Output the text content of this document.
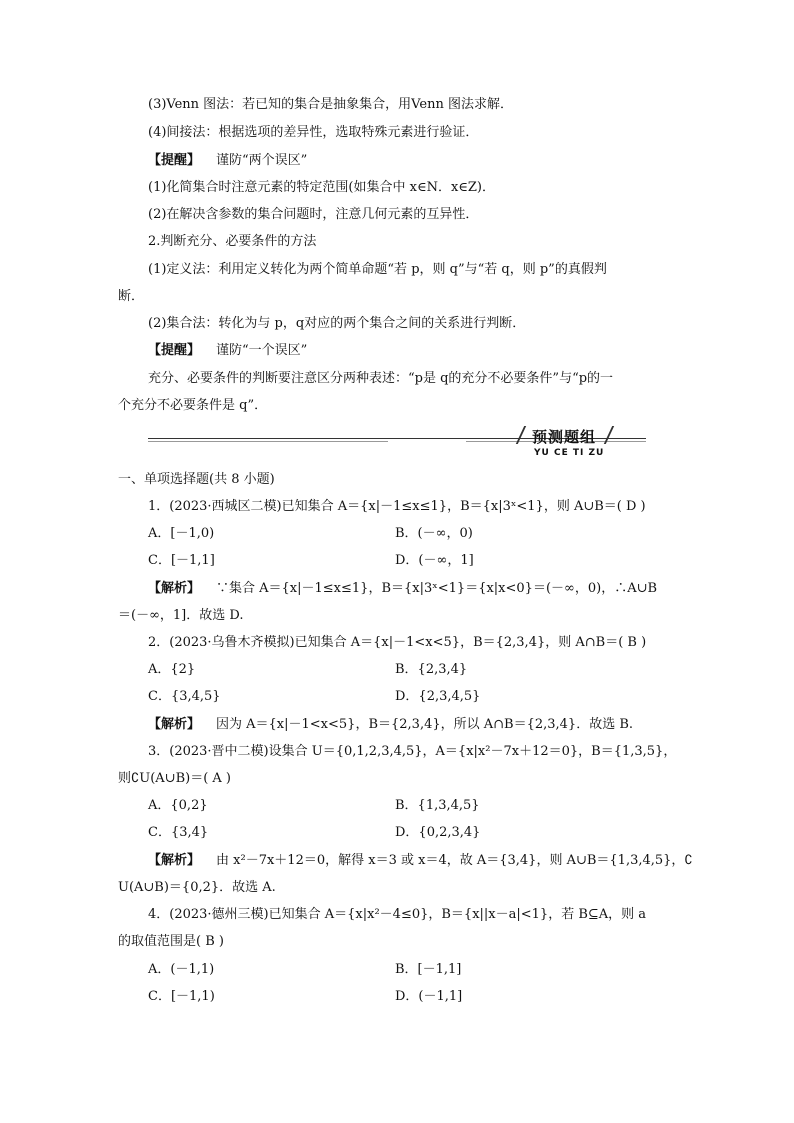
(3)Venn 图法：若已知的集合是抽象集合，用Venn 图法求解．
(4)间接法：根据选项的差异性，选取特殊元素进行验证．
【提醒】 谨防“两个误区”
(1)化简集合时注意元素的特定范围(如集合中 x∈N．x∈Z)．
(2)在解决含参数的集合问题时，注意几何元素的互异性．
2.判断充分、必要条件的方法
(1)定义法：利用定义转化为两个简单命题“若 p，则 q”与“若 q，则 p”的真假判
断．
(2)集合法：转化为与 p，q对应的两个集合之间的关系进行判断．
【提醒】 谨防“一个误区”
充分、必要条件的判断要注意区分两种表述：“p是 q的充分不必要条件”与“p的一
个充分不必要条件是 q”．
预测题组
YU CE TI ZU
一、单项选择题(共 8 小题)
1．(2023·西城区二模)已知集合 A＝{x|－1≤x≤1}，B＝{x|3ˣ<1}，则 A∪B＝( D )
A．[－1,0)	B．(－∞，0)
C．[－1,1]	D．(－∞，1]
【解析】 ∵集合 A＝{x|－1≤x≤1}，B＝{x|3ˣ<1}＝{x|x<0}＝(－∞，0)，∴A∪B
＝(－∞，1]．故选 D.
2．(2023·乌鲁木齐模拟)已知集合 A＝{x|－1<x<5}，B＝{2,3,4}，则 A∩B＝( B )
A．{2}	B．{2,3,4}
C．{3,4,5}	D．{2,3,4,5}
【解析】 因为 A＝{x|－1<x<5}，B＝{2,3,4}，所以 A∩B＝{2,3,4}．故选 B.
3．(2023·晋中二模)设集合 U＝{0,1,2,3,4,5}，A＝{x|x²－7x＋12＝0}，B＝{1,3,5}，
则∁U(A∪B)＝( A )
A．{0,2}	B．{1,3,4,5}
C．{3,4}	D．{0,2,3,4}
【解析】 由 x²－7x＋12＝0，解得 x＝3 或 x＝4，故 A＝{3,4}，则 A∪B＝{1,3,4,5}，∁
U(A∪B)＝{0,2}．故选 A.
4．(2023·德州三模)已知集合 A＝{x|x²－4≤0}，B＝{x||x－a|<1}，若 B⊆A，则 a
的取值范围是( B )
A．(－1,1)	B．[－1,1]
C．[－1,1)	D．(－1,1]
